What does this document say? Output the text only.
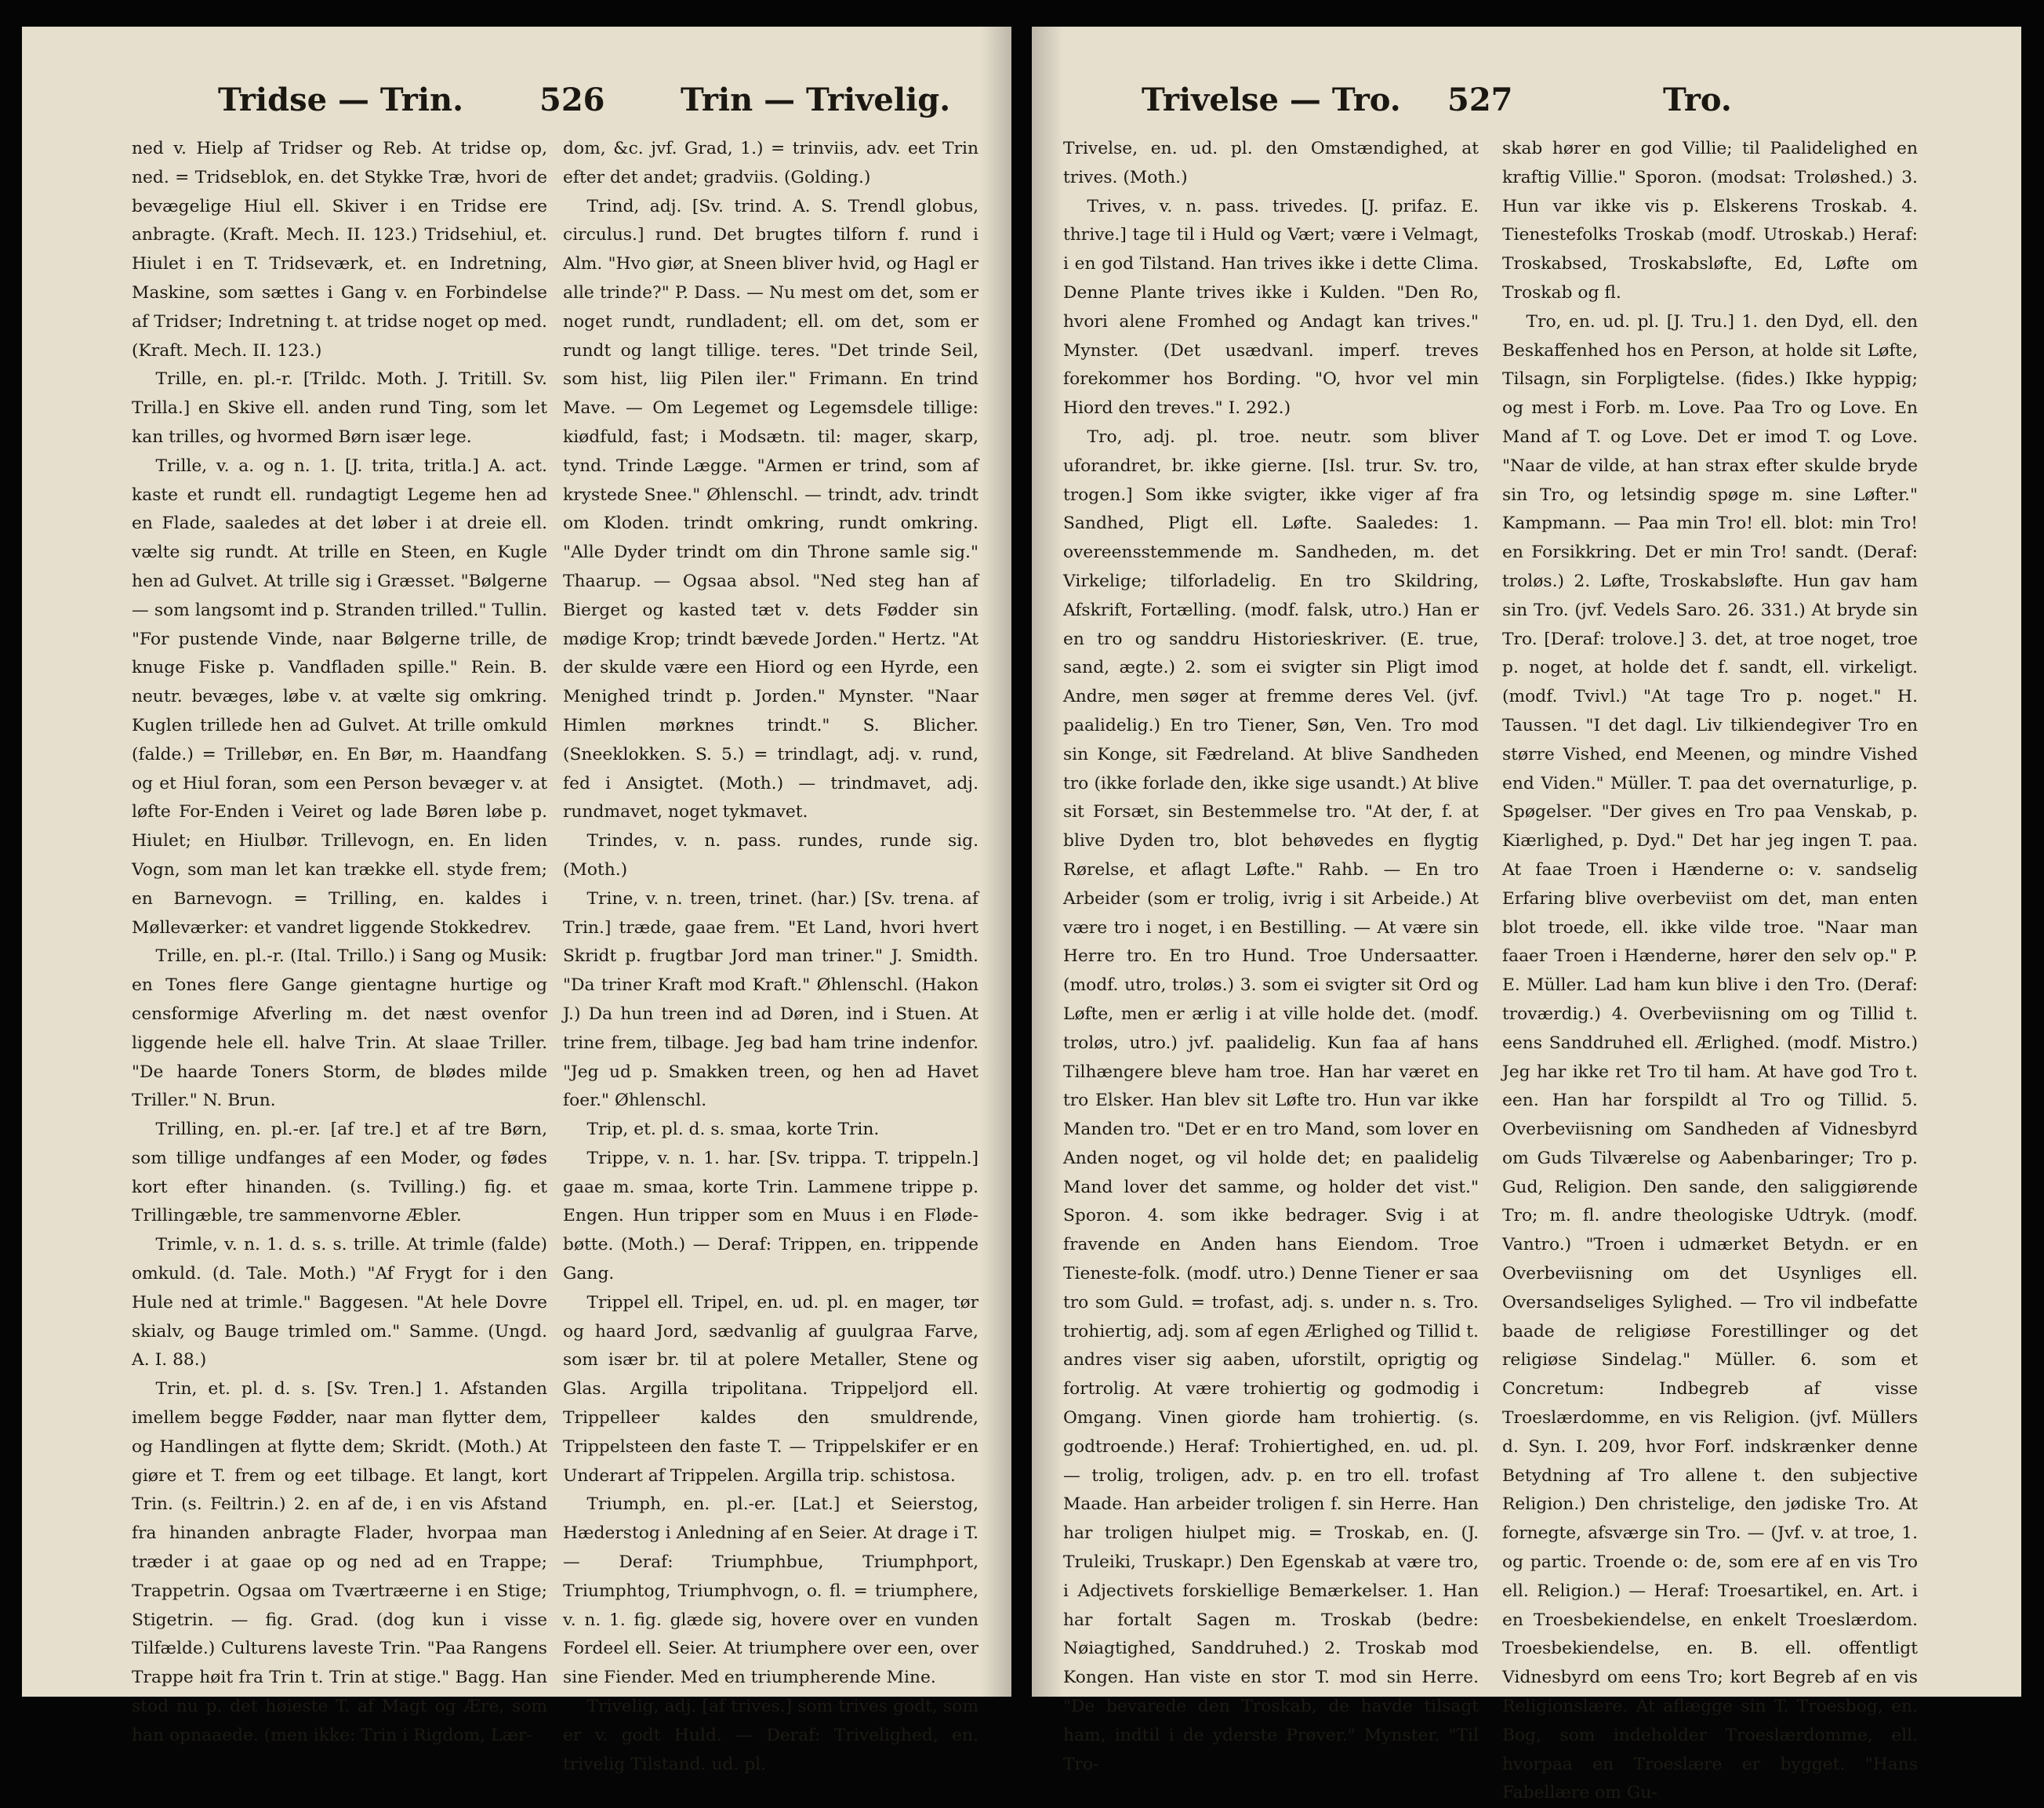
Tridse — Trin. 526 Trin — Trivelig.

ned v. Hielp af Tridser og Reb. At tridse op, ned. = Tridseblok, en. det Stykke Træ, hvori de bevægelige Hiul ell. Skiver i en Tridse ere anbragte. (Kraft. Mech. II. 123.) Tridsehiul, et. Hiulet i en T. Tridseværk, et. en Indretning, Maskine, som sættes i Gang v. en Forbindelse af Tridser; Indretning t. at tridse noget op med. (Kraft. Mech. II. 123.)

Trille, en. pl.-r. [Trildc. Moth. J. Tritill. Sv. Trilla.] en Skive ell. anden rund Ting, som let kan trilles, og hvormed Børn især lege.

Trille, v. a. og n. 1. [J. trita, tritla.] A. act. kaste et rundt ell. rundagtigt Legeme hen ad en Flade, saaledes at det løber i at dreie ell. vælte sig rundt. At trille en Steen, en Kugle hen ad Gulvet. At trille sig i Græsset. "Bølgerne — som langsomt ind p. Stranden trilled." Tullin. "For pustende Vinde, naar Bølgerne trille, de knuge Fiske p. Vandfladen spille." Rein. B. neutr. bevæges, løbe v. at vælte sig omkring. Kuglen trillede hen ad Gulvet. At trille omkuld (falde.) = Trillebør, en. En Bør, m. Haandfang og et Hiul foran, som een Person bevæger v. at løfte For-Enden i Veiret og lade Børen løbe p. Hiulet; en Hiulbør. Trillevogn, en. En liden Vogn, som man let kan trække ell. styde frem; en Barnevogn. = Trilling, en. kaldes i Mølleværker: et vandret liggende Stokkedrev.

Trille, en. pl.-r. (Ital. Trillo.) i Sang og Musik: en Tones flere Gange gientagne hurtige og censformige Afverling m. det næst ovenfor liggende hele ell. halve Trin. At slaae Triller. "De haarde Toners Storm, de blødes milde Triller." N. Brun.

Trilling, en. pl.-er. [af tre.] et af tre Børn, som tillige undfanges af een Moder, og fødes kort efter hinanden. (s. Tvilling.) fig. et Trillingæble, tre sammenvorne Æbler.

Trimle, v. n. 1. d. s. s. trille. At trimle (falde) omkuld. (d. Tale. Moth.) "Af Frygt for i den Hule ned at trimle." Baggesen. "At hele Dovre skialv, og Bauge trimled om." Samme. (Ungd. A. I. 88.)

Trin, et. pl. d. s. [Sv. Tren.] 1. Afstanden imellem begge Fødder, naar man flytter dem, og Handlingen at flytte dem; Skridt. (Moth.) At giøre et T. frem og eet tilbage. Et langt, kort Trin. (s. Feiltrin.) 2. en af de, i en vis Afstand fra hinanden anbragte Flader, hvorpaa man træder i at gaae op og ned ad en Trappe; Trappetrin. Ogsaa om Tværtræerne i en Stige; Stigetrin. — fig. Grad. (dog kun i visse Tilfælde.) Culturens laveste Trin. "Paa Rangens Trappe høit fra Trin t. Trin at stige." Bagg. Han stod nu p. det høieste T. af Magt og Ære, som han opnaaede. (men ikke: Trin i Rigdom, Lær-

dom, &c. jvf. Grad, 1.) = trinviis, adv. eet Trin efter det andet; gradviis. (Golding.)

Trind, adj. [Sv. trind. A. S. Trendl globus, circulus.] rund. Det brugtes tilforn f. rund i Alm. "Hvo giør, at Sneen bliver hvid, og Hagl er alle trinde?" P. Dass. — Nu mest om det, som er noget rundt, rundladent; ell. om det, som er rundt og langt tillige. teres. "Det trinde Seil, som hist, liig Pilen iler." Frimann. En trind Mave. — Om Legemet og Legemsdele tillige: kiødfuld, fast; i Modsætn. til: mager, skarp, tynd. Trinde Lægge. "Armen er trind, som af krystede Snee." Øhlenschl. — trindt, adv. trindt om Kloden. trindt omkring, rundt omkring. "Alle Dyder trindt om din Throne samle sig." Thaarup. — Ogsaa absol. "Ned steg han af Bierget og kasted tæt v. dets Fødder sin mødige Krop; trindt bævede Jorden." Hertz. "At der skulde være een Hiord og een Hyrde, een Menighed trindt p. Jorden." Mynster. "Naar Himlen mørknes trindt." S. Blicher. (Sneeklokken. S. 5.) = trindlagt, adj. v. rund, fed i Ansigtet. (Moth.) — trindmavet, adj. rundmavet, noget tykmavet.

Trindes, v. n. pass. rundes, runde sig. (Moth.)

Trine, v. n. treen, trinet. (har.) [Sv. trena. af Trin.] træde, gaae frem. "Et Land, hvori hvert Skridt p. frugtbar Jord man triner." J. Smidth. "Da triner Kraft mod Kraft." Øhlenschl. (Hakon J.) Da hun treen ind ad Døren, ind i Stuen. At trine frem, tilbage. Jeg bad ham trine indenfor. "Jeg ud p. Smakken treen, og hen ad Havet foer." Øhlenschl.

Trip, et. pl. d. s. smaa, korte Trin.

Trippe, v. n. 1. har. [Sv. trippa. T. trippeln.] gaae m. smaa, korte Trin. Lammene trippe p. Engen. Hun tripper som en Muus i en Fløde-bøtte. (Moth.) — Deraf: Trippen, en. trippende Gang.

Trippel ell. Tripel, en. ud. pl. en mager, tør og haard Jord, sædvanlig af guulgraa Farve, som især br. til at polere Metaller, Stene og Glas. Argilla tripolitana. Trippeljord ell. Trippelleer kaldes den smuldrende, Trippelsteen den faste T. — Trippelskifer er en Underart af Trippelen. Argilla trip. schistosa.

Triumph, en. pl.-er. [Lat.] et Seierstog, Hæderstog i Anledning af en Seier. At drage i T. — Deraf: Triumphbue, Triumphport, Triumphtog, Triumphvogn, o. fl. = triumphere, v. n. 1. fig. glæde sig, hovere over en vunden Fordeel ell. Seier. At triumphere over een, over sine Fiender. Med en triumpherende Mine.

Trivelig, adj. [af trives.] som trives godt, som er v. godt Huld. — Deraf: Trivelighed, en. trivelig Tilstand. ud. pl.

Trivelse — Tro. 527	Tro.

Trivelse, en. ud. pl. den Omstændighed, at trives. (Moth.)

Trives, v. n. pass. trivedes. [J. prifaz. E. thrive.] tage til i Huld og Vært; være i Velmagt, i en god Tilstand. Han trives ikke i dette Clima. Denne Plante trives ikke i Kulden. "Den Ro, hvori alene Fromhed og Andagt kan trives." Mynster. (Det usædvanl. imperf. treves forekommer hos Bording. "O, hvor vel min Hiord den treves." I. 292.)

Tro, adj. pl. troe. neutr. som bliver uforandret, br. ikke gierne. [Isl. trur. Sv. tro, trogen.] Som ikke svigter, ikke viger af fra Sandhed, Pligt ell. Løfte. Saaledes: 1. overeensstemmende m. Sandheden, m. det Virkelige; tilforladelig. En tro Skildring, Afskrift, Fortælling. (modf. falsk, utro.) Han er en tro og sanddru Historieskriver. (E. true, sand, ægte.) 2. som ei svigter sin Pligt imod Andre, men søger at fremme deres Vel. (jvf. paalidelig.) En tro Tiener, Søn, Ven. Tro mod sin Konge, sit Fædreland. At blive Sandheden tro (ikke forlade den, ikke sige usandt.) At blive sit Forsæt, sin Bestemmelse tro. "At der, f. at blive Dyden tro, blot behøvedes en flygtig Rørelse, et aflagt Løfte." Rahb. — En tro Arbeider (som er trolig, ivrig i sit Arbeide.) At være tro i noget, i en Bestilling. — At være sin Herre tro. En tro Hund. Troe Undersaatter. (modf. utro, troløs.) 3. som ei svigter sit Ord og Løfte, men er ærlig i at ville holde det. (modf. troløs, utro.) jvf. paalidelig. Kun faa af hans Tilhængere bleve ham troe. Han har været en tro Elsker. Han blev sit Løfte tro. Hun var ikke Manden tro. "Det er en tro Mand, som lover en Anden noget, og vil holde det; en paalidelig Mand lover det samme, og holder det vist." Sporon. 4. som ikke bedrager. Svig i at fravende en Anden hans Eiendom. Troe Tieneste-folk. (modf. utro.) Denne Tiener er saa tro som Guld. = trofast, adj. s. under n. s. Tro. trohiertig, adj. som af egen Ærlighed og Tillid t. andres viser sig aaben, uforstilt, oprigtig og fortrolig. At være trohiertig og godmodig i Omgang. Vinen giorde ham trohiertig. (s. godtroende.) Heraf: Trohiertighed, en. ud. pl. — trolig, troligen, adv. p. en tro ell. trofast Maade. Han arbeider troligen f. sin Herre. Han har troligen hiulpet mig. = Troskab, en. (J. Truleiki, Truskapr.) Den Egenskab at være tro, i Adjectivets forskiellige Bemærkelser. 1. Han har fortalt Sagen m. Troskab (bedre: Nøiagtighed, Sanddruhed.) 2. Troskab mod Kongen. Han viste en stor T. mod sin Herre. "De bevarede den Troskab, de havde tilsagt ham, indtil i de yderste Prøver." Mynster. "Til Tro-

skab hører en god Villie; til Paalidelighed en kraftig Villie." Sporon. (modsat: Troløshed.) 3. Hun var ikke vis p. Elskerens Troskab. 4. Tienestefolks Troskab (modf. Utroskab.) Heraf: Troskabsed, Troskabsløfte, Ed, Løfte om Troskab og fl.

Tro, en. ud. pl. [J. Tru.] 1. den Dyd, ell. den Beskaffenhed hos en Person, at holde sit Løfte, Tilsagn, sin Forpligtelse. (fides.) Ikke hyppig; og mest i Forb. m. Love. Paa Tro og Love. En Mand af T. og Love. Det er imod T. og Love. "Naar de vilde, at han strax efter skulde bryde sin Tro, og letsindig spøge m. sine Løfter." Kampmann. — Paa min Tro! ell. blot: min Tro! en Forsikkring. Det er min Tro! sandt. (Deraf: troløs.) 2. Løfte, Troskabsløfte. Hun gav ham sin Tro. (jvf. Vedels Saro. 26. 331.) At bryde sin Tro. [Deraf: trolove.] 3. det, at troe noget, troe p. noget, at holde det f. sandt, ell. virkeligt. (modf. Tvivl.) "At tage Tro p. noget." H. Taussen. "I det dagl. Liv tilkiendegiver Tro en større Vished, end Meenen, og mindre Vished end Viden." Müller. T. paa det overnaturlige, p. Spøgelser. "Der gives en Tro paa Venskab, p. Kiærlighed, p. Dyd." Det har jeg ingen T. paa. At faae Troen i Hænderne o: v. sandselig Erfaring blive overbeviist om det, man enten blot troede, ell. ikke vilde troe. "Naar man faaer Troen i Hænderne, hører den selv op." P. E. Müller. Lad ham kun blive i den Tro. (Deraf: troværdig.) 4. Overbeviisning om og Tillid t. eens Sanddruhed ell. Ærlighed. (modf. Mistro.) Jeg har ikke ret Tro til ham. At have god Tro t. een. Han har forspildt al Tro og Tillid. 5. Overbeviisning om Sandheden af Vidnesbyrd om Guds Tilværelse og Aabenbaringer; Tro p. Gud, Religion. Den sande, den saliggiørende Tro; m. fl. andre theologiske Udtryk. (modf. Vantro.) "Troen i udmærket Betydn. er en Overbeviisning om det Usynliges ell. Oversandseliges Sylighed. — Tro vil indbefatte baade de religiøse Forestillinger og det religiøse Sindelag." Müller. 6. som et Concretum: Indbegreb af visse Troeslærdomme, en vis Religion. (jvf. Müllers d. Syn. I. 209, hvor Forf. indskrænker denne Betydning af Tro allene t. den subjective Religion.) Den christelige, den jødiske Tro. At fornegte, afsværge sin Tro. — (Jvf. v. at troe, 1. og partic. Troende o: de, som ere af en vis Tro ell. Religion.) — Heraf: Troesartikel, en. Art. i en Troesbekiendelse, en enkelt Troeslærdom. Troesbekiendelse, en. B. ell. offentligt Vidnesbyrd om eens Tro; kort Begreb af en vis Religionslære. At aflægge sin T. Troesbog, en. Bog, som indeholder Troeslærdomme, ell. hvorpaa en Troeslære er bygget. "Hans Fabellære om Gu-
